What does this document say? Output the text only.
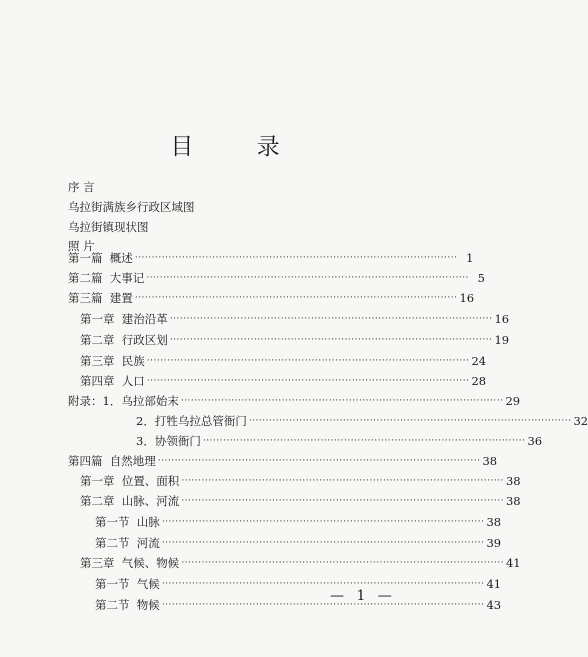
目 录
序 言
乌拉街满族乡行政区域图
乌拉街镇现状图
照 片
第一篇  概述 ································································································ 1
第二篇  大事记 ································································································ 5
第三篇  建置 ································································································ 16
第一章  建治沿革 ································································································ 16
第二章  行政区划 ································································································ 19
第三章  民族 ································································································ 24
第四章  人口 ································································································ 28
附录：1．乌拉部始末 ································································································ 29
2．打牲乌拉总管衙门 ································································································ 32
3．协领衙门 ································································································ 36
第四篇  自然地理 ································································································ 38
第一章  位置、面积 ································································································ 38
第二章  山脉、河流 ································································································ 38
第一节  山脉 ································································································ 38
第二节  河流 ································································································ 39
第三章  气候、物候 ································································································ 41
第一节  气候 ································································································ 41
第二节  物候 ································································································ 43
— 1 —
